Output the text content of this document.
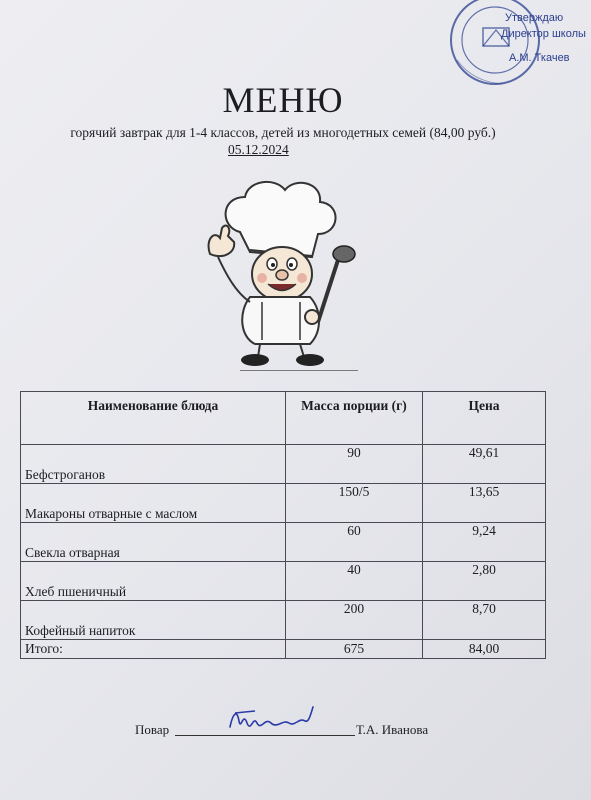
МЕНЮ
горячий завтрак для 1-4 классов, детей из многодетных семей (84,00 руб.)
05.12.2024
Утверждаю
Директор школы
А.М. Ткачев
Наименование блюда	Масса порции (г)	Цена
Бефстроганов	90	49,61
Макароны отварные с маслом	150/5	13,65
Свекла отварная	60	9,24
Хлеб пшеничный	40	2,80
Кофейный напиток	200	8,70
Итого:	675	84,00
Повар	Т.А. Иванова
